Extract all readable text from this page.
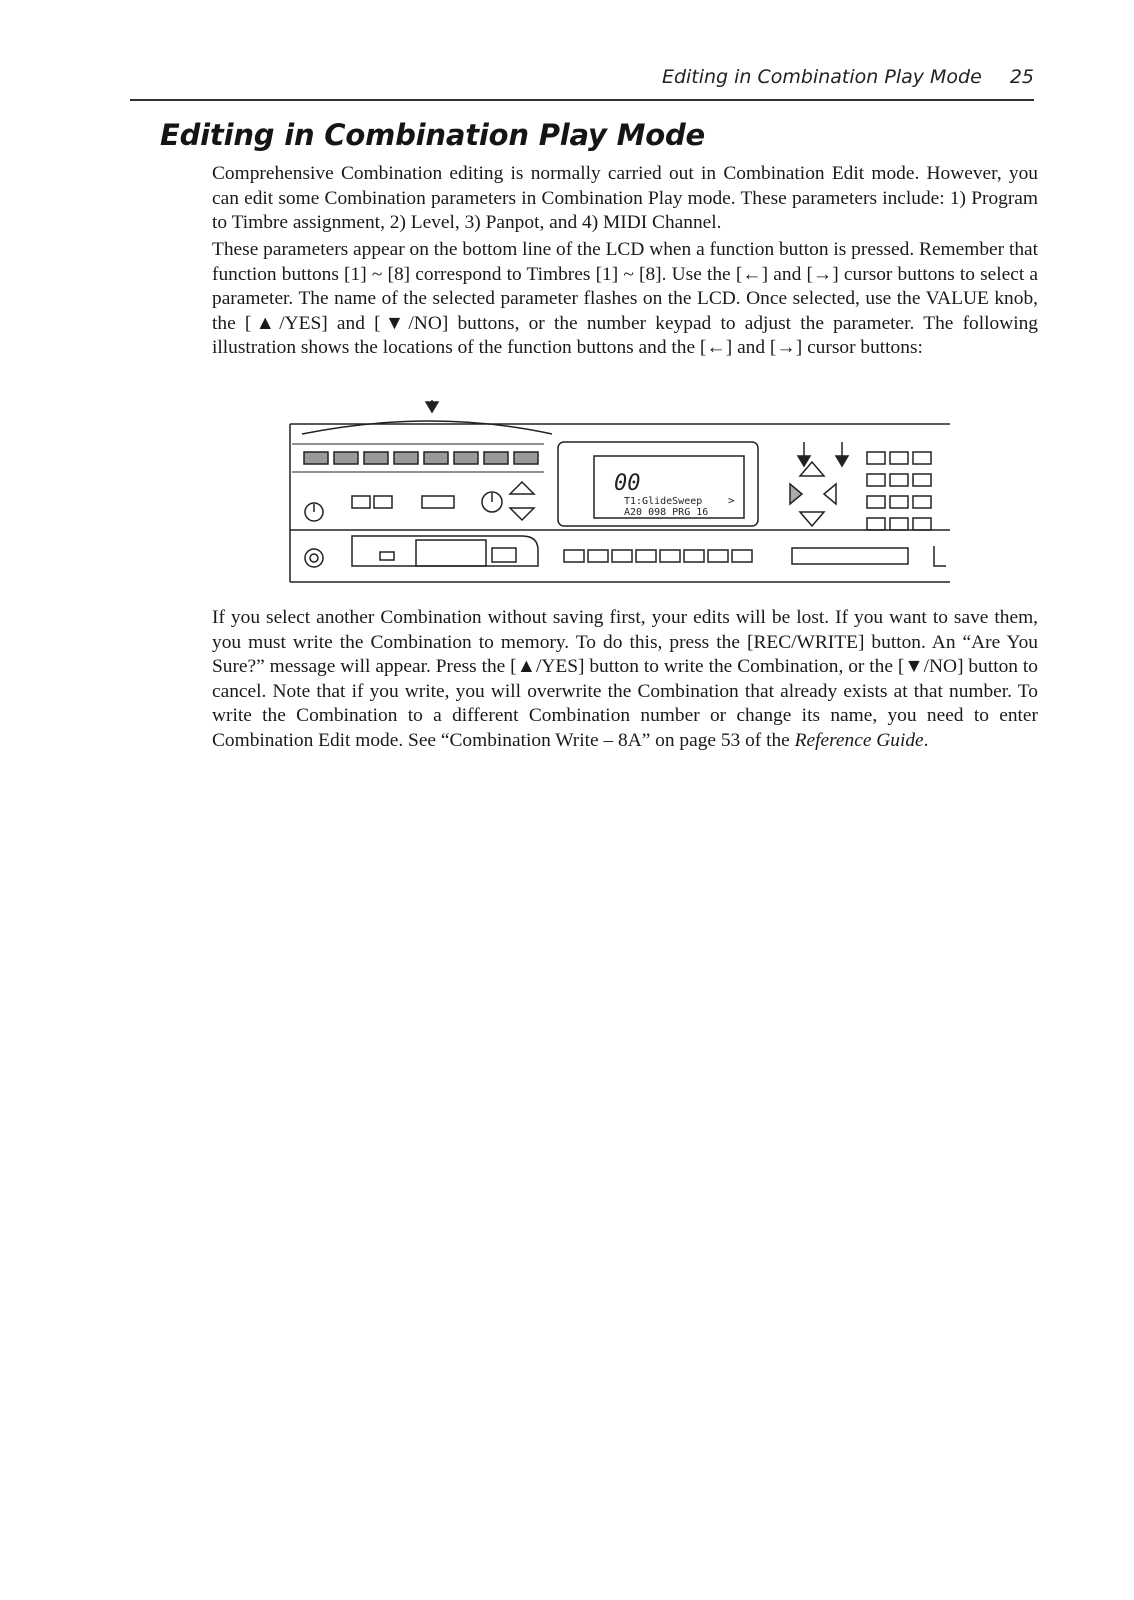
Editing in Combination Play Mode 25
Editing in Combination Play Mode

Comprehensive Combination editing is normally carried out in Combination Edit mode. However, you can edit some Combination parameters in Combination Play mode. These parameters include: 1) Program to Timbre assignment, 2) Level, 3) Panpot, and 4) MIDI Channel.

These parameters appear on the bottom line of the LCD when a function button is pressed. Remember that function buttons [1] ~ [8] correspond to Timbres [1] ~ [8]. Use the [←] and [→] cursor buttons to select a parameter. The name of the selected parameter flashes on the LCD. Once selected, use the VALUE knob, the [▲/YES] and [▼/NO] buttons, or the number keypad to adjust the parameter. The following illustration shows the locations of the function buttons and the [←] and [→] cursor buttons:

00
T1:GlideSweep
A20 098 PRG 16
>

If you select another Combination without saving first, your edits will be lost. If you want to save them, you must write the Combination to memory. To do this, press the [REC/WRITE] button. An “Are You Sure?” message will appear. Press the [▲/YES] button to write the Combination, or the [▼/NO] button to cancel. Note that if you write, you will overwrite the Combination that already exists at that number. To write the Combination to a different Combination number or change its name, you need to enter Combination Edit mode. See “Combination Write – 8A” on page 53 of the Reference Guide.
